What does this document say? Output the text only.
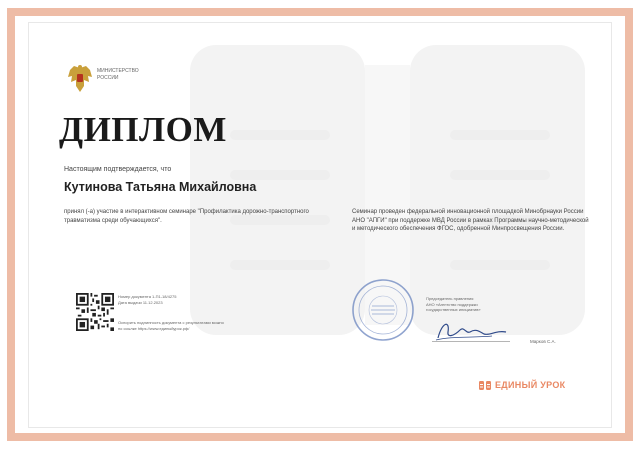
МИНИСТЕРСТВО
РОССИИ
ДИПЛОМ
Настоящим подтверждается, что
Кутинова Татьяна Михайловна
принял (-а) участие в интерактивном семинаре "Профилактика дорожно-транспортного травматизма среди обучающихся".
Семинар проведен федеральной инновационной площадкой Минобрнауки России АНО "АПГИ" при поддержке МВД России в рамках Программы научно-методической и методического обеспечения ФГОС, одобренной Минпросвещения России.
Номер документа 1-П1-18/4275
Дата выдачи 11.12.2023
Оспорить подлинность документа с результатами можно
по ссылке https://www.единыйурок.рф/
Председатель правления
АНО «Агентство поддержки
государственных инициатив»
Марков С.А.
ЕДИНЫЙ УРОК
